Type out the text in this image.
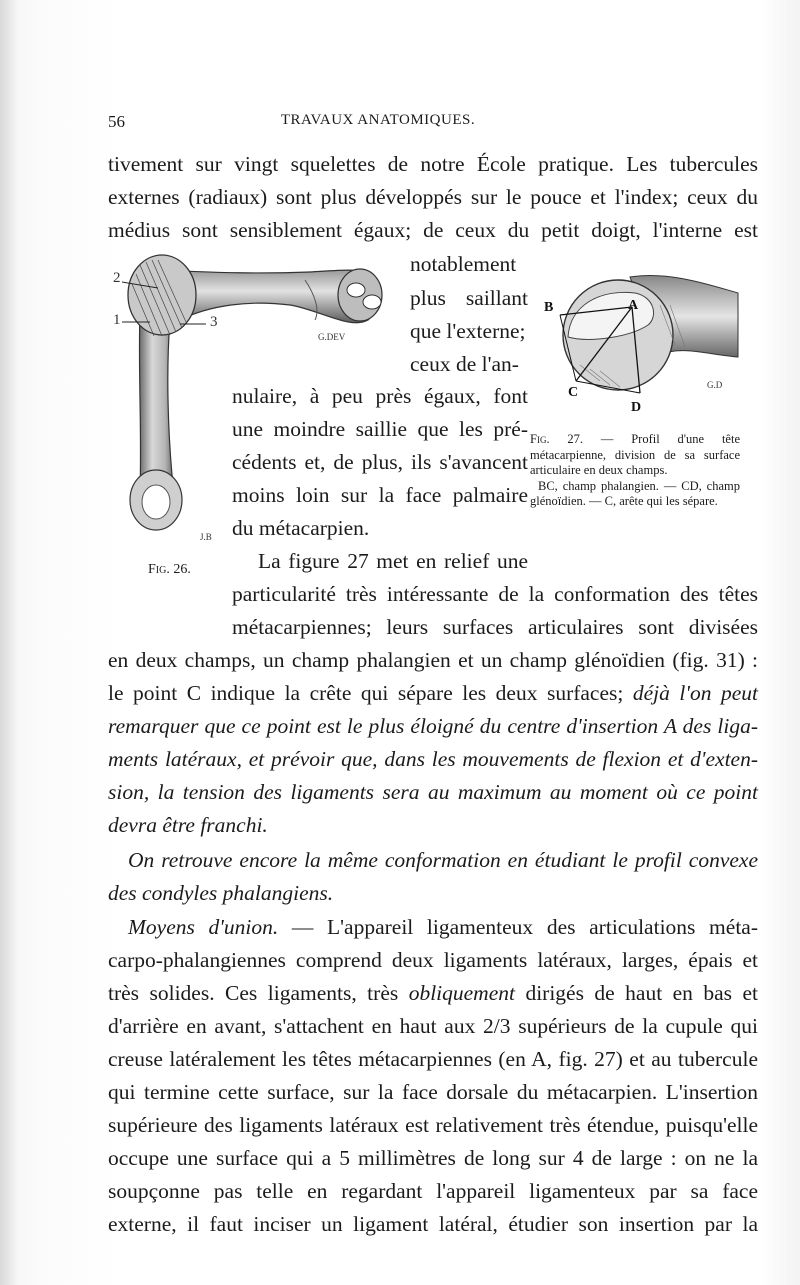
56	TRAVAUX ANATOMIQUES.
tivement sur vingt squelettes de notre École pratique. Les tubercules
externes (radiaux) sont plus développés sur le pouce et l'index; ceux du
médius sont sensiblement égaux; de ceux du petit doigt, l'interne est
2
1	3
G.DEV
J.B
Fig. 26.
A
B
C
D
G.D

Fig. 27. — Profil d'une tête métacarpienne, division de sa surface articulaire en deux champs.

BC, champ phalangien. — CD, champ glénoïdien. — C, arête qui les sépare.

notablement
plus saillant
que l'externe;
ceux de l'an-
nulaire, à peu près égaux, font
une moindre saillie que les pré-
cédents et, de plus, ils s'avancent
moins loin sur la face palmaire
du métacarpien.
La figure 27 met en relief une
particularité très intéressante de la conformation des têtes
métacarpiennes; leurs surfaces articulaires sont divisées
en deux champs, un champ phalangien et un champ glénoïdien (fig. 31) :
le point C indique la crête qui sépare les deux surfaces; déjà l'on peut
remarquer que ce point est le plus éloigné du centre d'insertion A des liga-
ments latéraux, et prévoir que, dans les mouvements de flexion et d'exten-
sion, la tension des ligaments sera au maximum au moment où ce point
devra être franchi.
On retrouve encore la même conformation en étudiant le profil convexe
des condyles phalangiens.
Moyens d'union. — L'appareil ligamenteux des articulations méta-
carpo-phalangiennes comprend deux ligaments latéraux, larges, épais et
très solides. Ces ligaments, très obliquement dirigés de haut en bas et
d'arrière en avant, s'attachent en haut aux 2/3 supérieurs de la cupule qui
creuse latéralement les têtes métacarpiennes (en A, fig. 27) et au tubercule
qui termine cette surface, sur la face dorsale du métacarpien. L'insertion
supérieure des ligaments latéraux est relativement très étendue, puisqu'elle
occupe une surface qui a 5 millimètres de long sur 4 de large : on ne la
soupçonne pas telle en regardant l'appareil ligamenteux par sa face
externe, il faut inciser un ligament latéral, étudier son insertion par la
